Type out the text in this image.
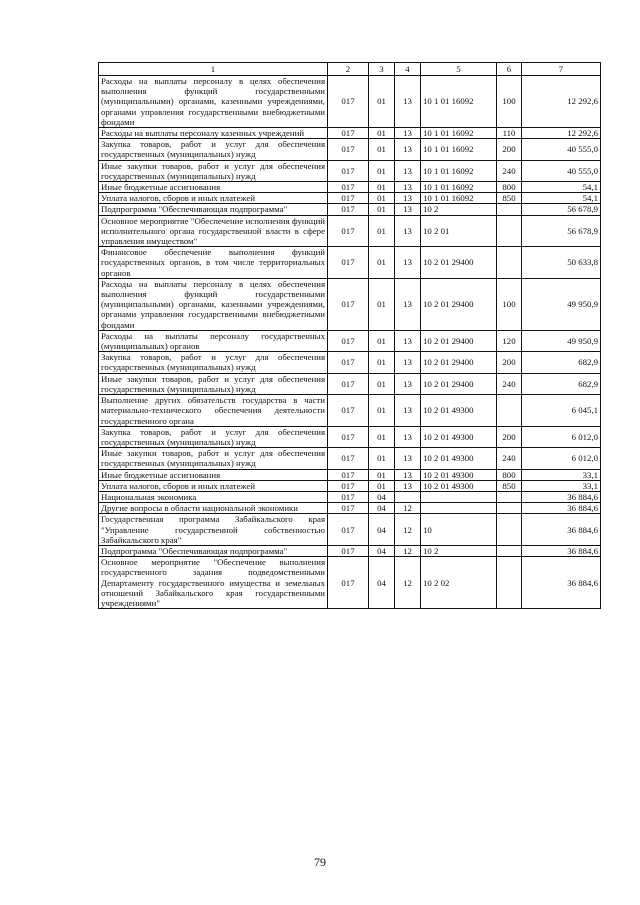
1	2	3	4	5	6	7
Расходы на выплаты персоналу в целях обеспечения выполнения функций государственными (муниципальными) органами, казенными учреждениями, органами управления государственными внебюджетными фондами	017	01	13	10 1 01 16092	100	12 292,6
Расходы на выплаты персоналу казенных учреждений	017	01	13	10 1 01 16092	110	12 292,6
Закупка товаров, работ и услуг для обеспечения государственных (муниципальных) нужд	017	01	13	10 1 01 16092	200	40 555,0
Иные закупки товаров, работ и услуг для обеспечения государственных (муниципальных) нужд	017	01	13	10 1 01 16092	240	40 555,0
Иные бюджетные ассигнования	017	01	13	10 1 01 16092	800	54,1
Уплата налогов, сборов и иных платежей	017	01	13	10 1 01 16092	850	54,1
Подпрограмма "Обеспечивающая подпрограмма"	017	01	13	10 2		56 678,9
Основное мероприятие "Обеспечение исполнения функций исполнительного органа государственной власти в сфере управления имуществом"	017	01	13	10 2 01		56 678,9
Финансовое обеспечение выполнения функций государственных органов, в том числе территориальных органов	017	01	13	10 2 01 29400		50 633,8
Расходы на выплаты персоналу в целях обеспечения выполнения функций государственными (муниципальными) органами, казенными учреждениями, органами управления государственными внебюджетными фондами	017	01	13	10 2 01 29400	100	49 950,9
Расходы на выплаты персоналу государственных (муниципальных) органов	017	01	13	10 2 01 29400	120	49 950,9
Закупка товаров, работ и услуг для обеспечения государственных (муниципальных) нужд	017	01	13	10 2 01 29400	200	682,9
Иные закупки товаров, работ и услуг для обеспечения государственных (муниципальных) нужд	017	01	13	10 2 01 29400	240	682,9
Выполнение других обязательств государства в части материально-технического обеспечения деятельности государственного органа	017	01	13	10 2 01 49300		6 045,1
Закупка товаров, работ и услуг для обеспечения государственных (муниципальных) нужд	017	01	13	10 2 01 49300	200	6 012,0
Иные закупки товаров, работ и услуг для обеспечения государственных (муниципальных) нужд	017	01	13	10 2 01 49300	240	6 012,0
Иные бюджетные ассигнования	017	01	13	10 2 01 49300	800	33,1
Уплата налогов, сборов и иных платежей	017	01	13	10 2 01 49300	850	33,1
Национальная экономика	017	04				36 884,6
Другие вопросы в области национальной экономики	017	04	12			36 884,6
Государственная программа Забайкальского края "Управление государственной собственностью Забайкальского края"	017	04	12	10		36 884,6
Подпрограмма "Обеспечивающая подпрограмма"	017	04	12	10 2		36 884,6
Основное мероприятие "Обеспечение выполнения государственного задания подведомственными Департаменту государственного имущества и земельных отношений Забайкальского края государственными учреждениями"	017	04	12	10 2 02		36 884,6
79
